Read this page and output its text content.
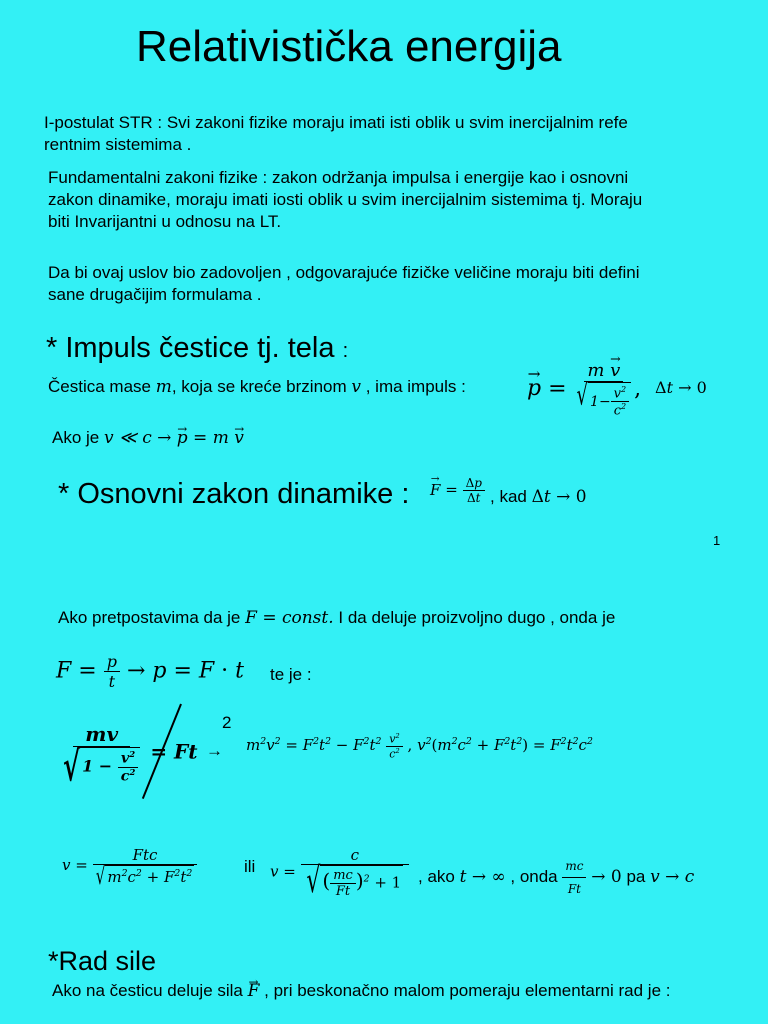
Relativistička energija
I-postulat STR : Svi zakoni fizike moraju imati isti oblik u svim inercijalnim refe
rentnim sistemima .
Fundamentalni zakoni fizike : zakon održanja impulsa i energije kao i osnovni
zakon dinamike, moraju imati iosti oblik u svim inercijalnim sistemima tj. Moraju
biti Invarijantni u odnosu na LT.
Da bi ovaj uslov bio zadovoljen , odgovarajuće fizičke veličine moraju biti defini
sane drugačijim formulama .
* Impuls čestice tj. tela :
Čestica mase m, koja se kreće brzinom v , ima impuls :	→ $p = \frac{m \to v}{√ 1- \frac{v^2}{c^2}}$ , Δt → 0
Ako je v ≪ c → → p = m → v
* Osnovni zakon dinamike : → $F = \frac{\Delta p}{\Delta t}$ , kad Δt → 0
1
Ako pretpostavima da je F = const. I da deluje proizvoljno dugo , onda je
$F = \frac{p}{t} \to p = F \cdot t$ te je :
$\frac{mv}{√ 1 - \frac{v^2}{c^2}} = Ft$
2
→ $m^2v^2 = F^2t^2 - F^2t^2 \frac{v^2}{c^2}$ , $v^2(m^2c^2 + F^2t^2) = F^2t^2c^2$
v =
Ftc
√ $m^2c^2 + F^2t^2$	ili v =
c
√ ( $\frac{mc}{Ft} )^2 + 1$ , ako t → ∞ , onda $\frac{mc}{Ft} \to 0$ pa v → c
*Rad sile
Ako na česticu deluje sila → F , pri beskonačno malom pomeraju elementarni rad je :
